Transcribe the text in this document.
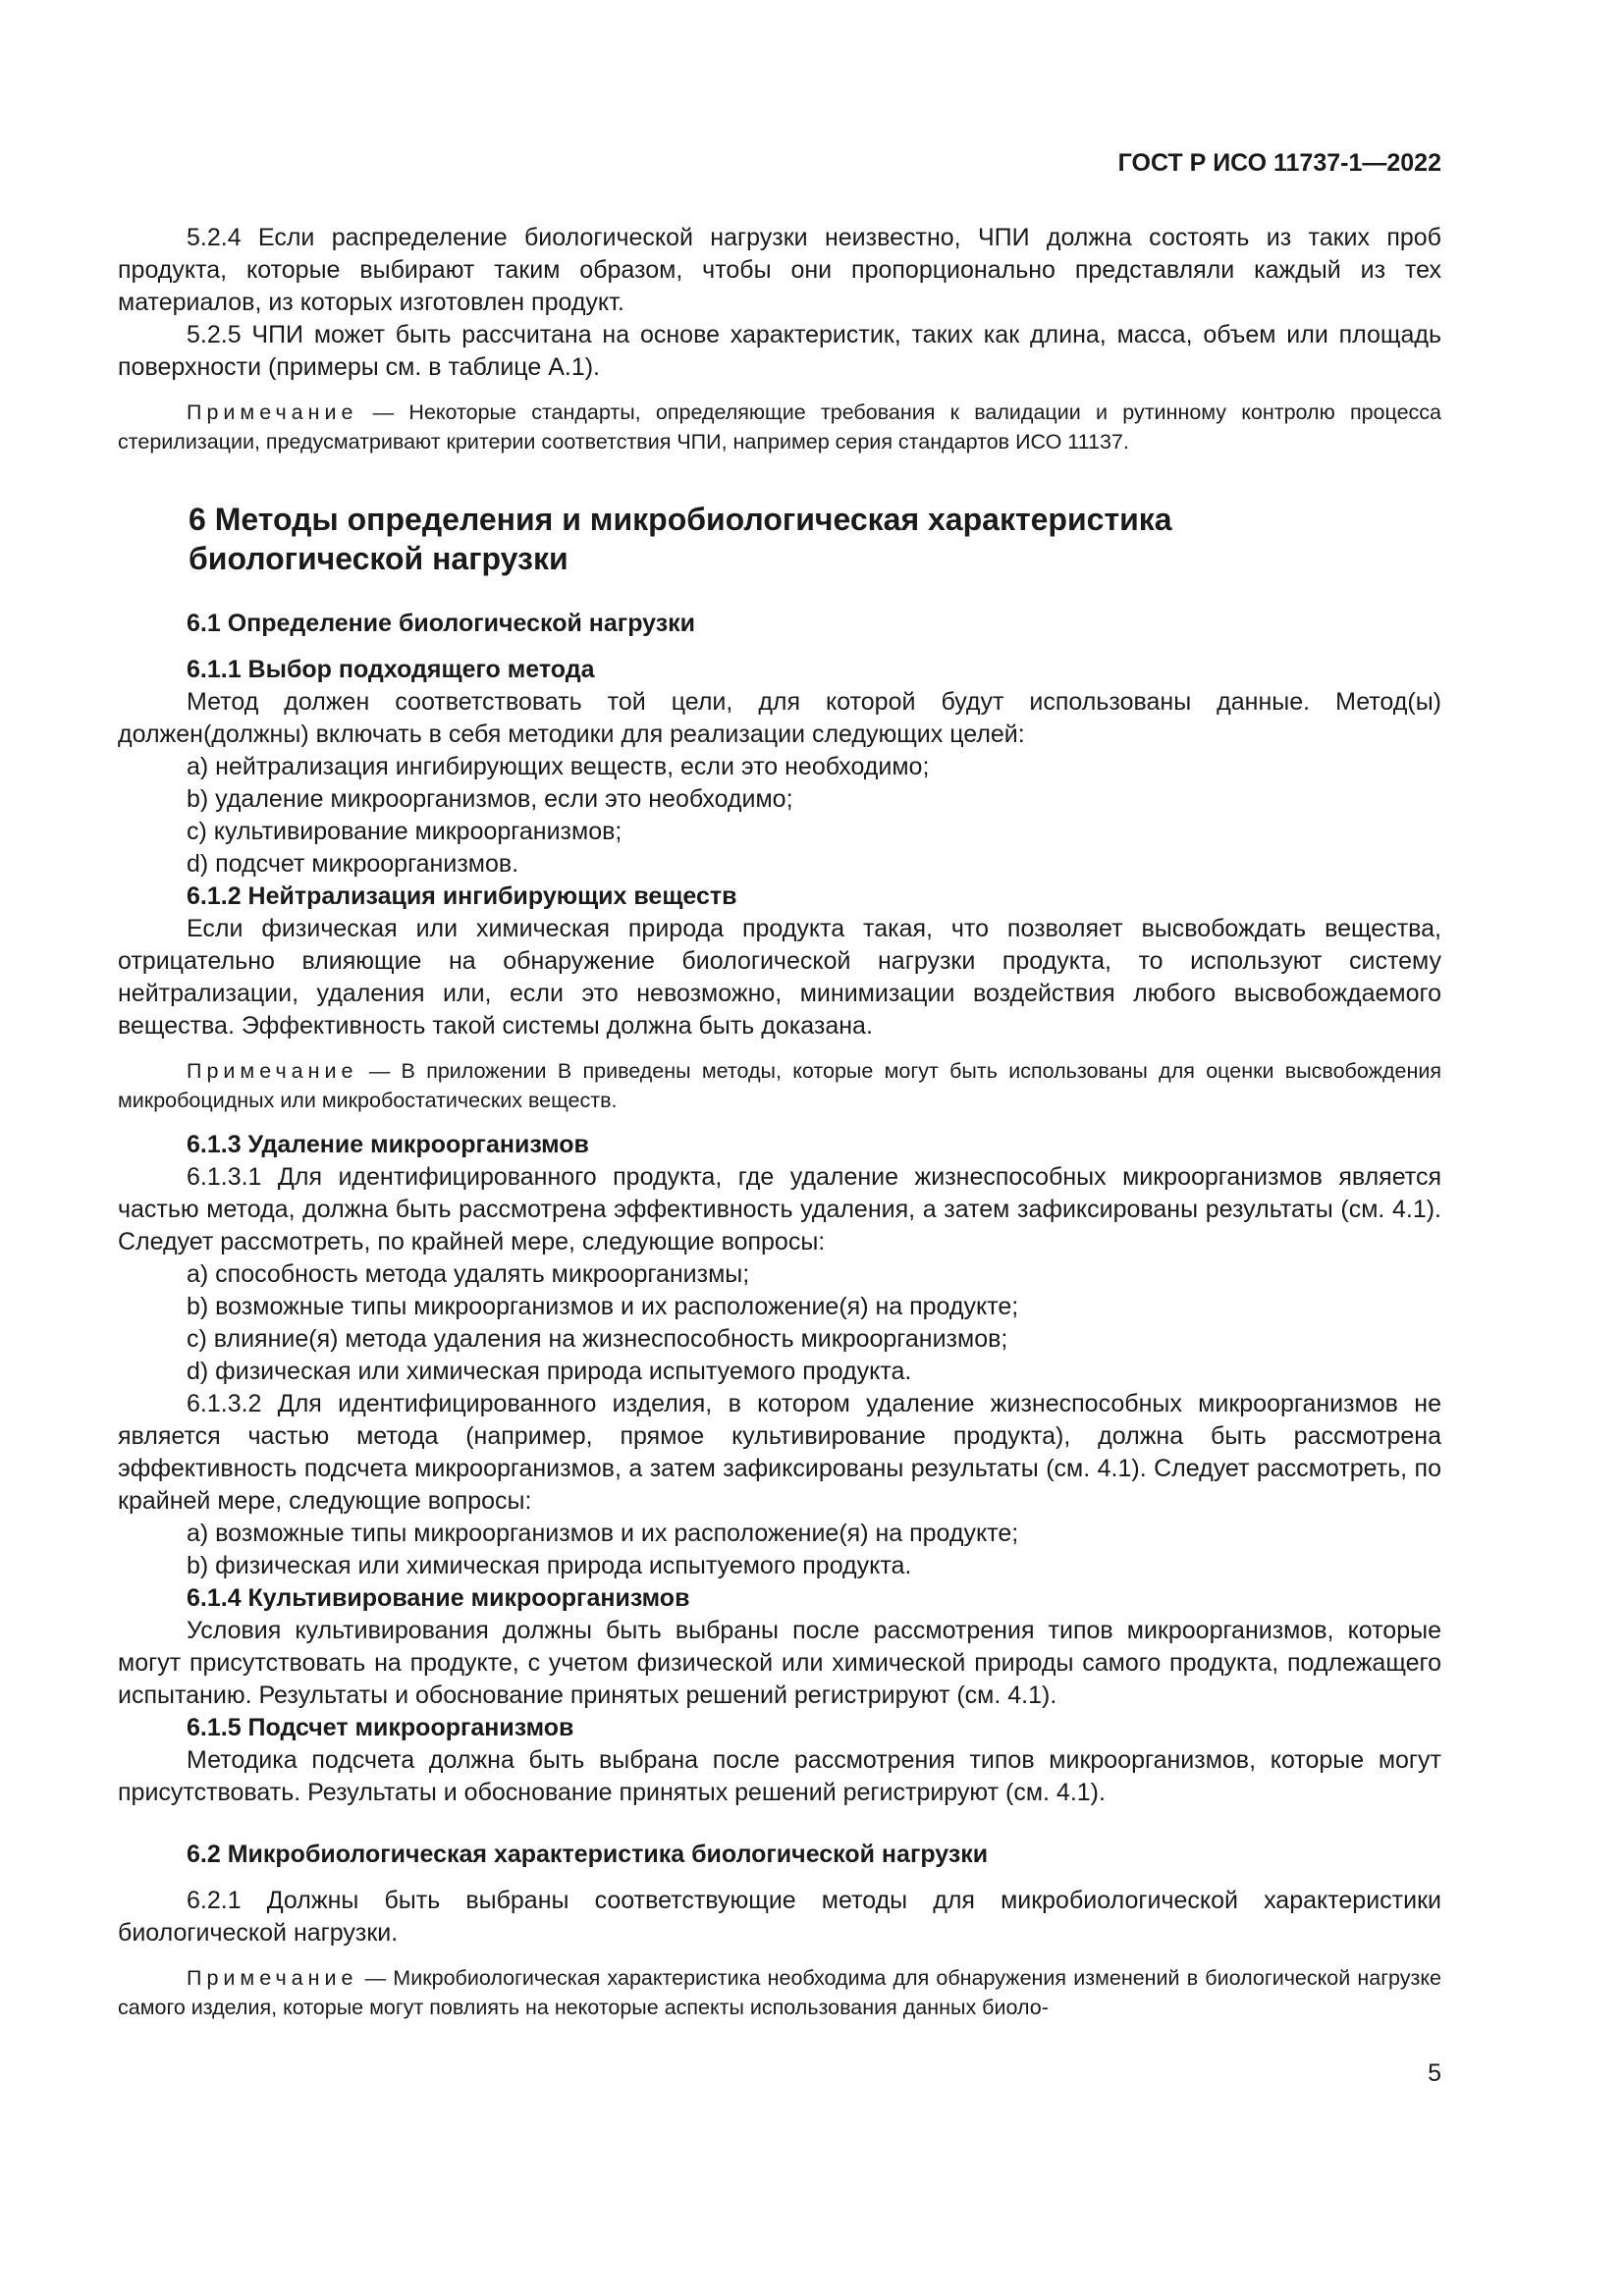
ГОСТ Р ИСО 11737-1—2022

5.2.4 Если распределение биологической нагрузки неизвестно, ЧПИ должна состоять из таких проб продукта, которые выбирают таким образом, чтобы они пропорционально представляли каждый из тех материалов, из которых изготовлен продукт.

5.2.5 ЧПИ может быть рассчитана на основе характеристик, таких как длина, масса, объем или площадь поверхности (примеры см. в таблице А.1).

Примечание — Некоторые стандарты, определяющие требования к валидации и рутинному контролю процесса стерилизации, предусматривают критерии соответствия ЧПИ, например серия стандартов ИСО 11137.

6 Методы определения и микробиологическая характеристика
биологической нагрузки

6.1 Определение биологической нагрузки

6.1.1 Выбор подходящего метода

Метод должен соответствовать той цели, для которой будут использованы данные. Метод(ы) должен(должны) включать в себя методики для реализации следующих целей:

а) нейтрализация ингибирующих веществ, если это необходимо;

b) удаление микроорганизмов, если это необходимо;

c) культивирование микроорганизмов;

d) подсчет микроорганизмов.

6.1.2 Нейтрализация ингибирующих веществ

Если физическая или химическая природа продукта такая, что позволяет высвобождать вещества, отрицательно влияющие на обнаружение биологической нагрузки продукта, то используют систему нейтрализации, удаления или, если это невозможно, минимизации воздействия любого высвобождаемого вещества. Эффективность такой системы должна быть доказана.

Примечание — В приложении В приведены методы, которые могут быть использованы для оценки высвобождения микробоцидных или микробостатических веществ.

6.1.3 Удаление микроорганизмов

6.1.3.1 Для идентифицированного продукта, где удаление жизнеспособных микроорганизмов является частью метода, должна быть рассмотрена эффективность удаления, а затем зафиксированы результаты (см. 4.1). Следует рассмотреть, по крайней мере, следующие вопросы:

а) способность метода удалять микроорганизмы;

b) возможные типы микроорганизмов и их расположение(я) на продукте;

c) влияние(я) метода удаления на жизнеспособность микроорганизмов;

d) физическая или химическая природа испытуемого продукта.

6.1.3.2 Для идентифицированного изделия, в котором удаление жизнеспособных микроорганизмов не является частью метода (например, прямое культивирование продукта), должна быть рассмотрена эффективность подсчета микроорганизмов, а затем зафиксированы результаты (см. 4.1). Следует рассмотреть, по крайней мере, следующие вопросы:

а) возможные типы микроорганизмов и их расположение(я) на продукте;

b) физическая или химическая природа испытуемого продукта.

6.1.4 Культивирование микроорганизмов

Условия культивирования должны быть выбраны после рассмотрения типов микроорганизмов, которые могут присутствовать на продукте, с учетом физической или химической природы самого продукта, подлежащего испытанию. Результаты и обоснование принятых решений регистрируют (см. 4.1).

6.1.5 Подсчет микроорганизмов

Методика подсчета должна быть выбрана после рассмотрения типов микроорганизмов, которые могут присутствовать. Результаты и обоснование принятых решений регистрируют (см. 4.1).

6.2 Микробиологическая характеристика биологической нагрузки

6.2.1 Должны быть выбраны соответствующие методы для микробиологической характеристики биологической нагрузки.

Примечание — Микробиологическая характеристика необходима для обнаружения изменений в биологической нагрузке самого изделия, которые могут повлиять на некоторые аспекты использования данных биоло-

5
